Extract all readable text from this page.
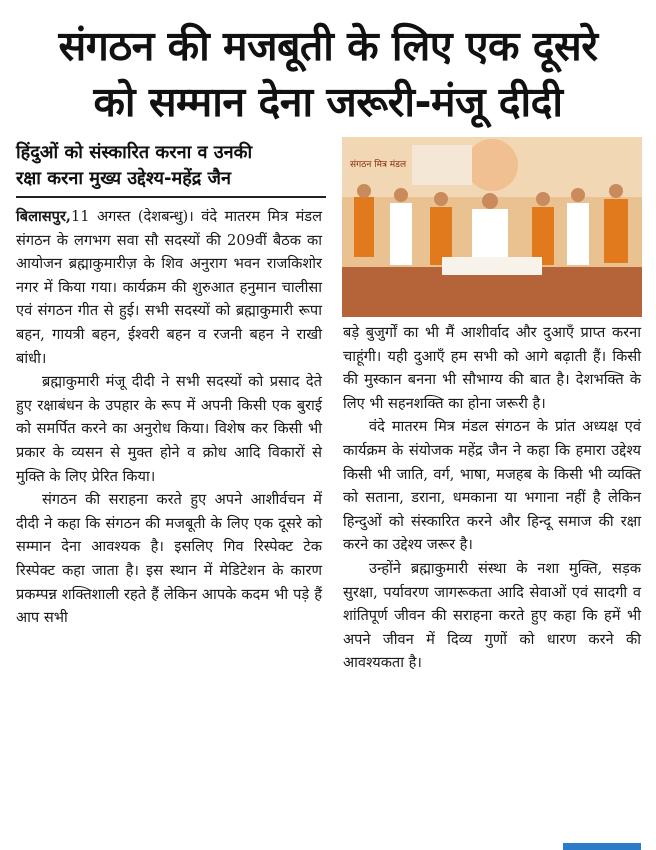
संगठन की मजबूती के लिए एक दूसरे
को सम्मान देना जरूरी-मंजू दीदी
हिंदुओं को संस्कारित करना व उनकी
रक्षा करना मुख्य उद्देश्य-महेंद्र जैन

बिलासपुर,11 अगस्त (देशबन्धु)। वंदे मातरम मित्र मंडल संगठन के लगभग सवा सौ सदस्यों की 209वीं बैठक का आयोजन ब्रह्माकुमारीज़ के शिव अनुराग भवन राजकिशोर नगर में किया गया। कार्यक्रम की शुरुआत हनुमान चालीसा एवं संगठन गीत से हुई। सभी सदस्यों को ब्रह्माकुमारी रूपा बहन, गायत्री बहन, ईश्वरी बहन व रजनी बहन ने राखी बांधी।

ब्रह्माकुमारी मंजू दीदी ने सभी सदस्यों को प्रसाद देते हुए रक्षाबंधन के उपहार के रूप में अपनी किसी एक बुराई को समर्पित करने का अनुरोध किया। विशेष कर किसी भी प्रकार के व्यसन से मुक्त होने व क्रोध आदि विकारों से मुक्ति के लिए प्रेरित किया।

संगठन की सराहना करते हुए अपने आशीर्वचन में दीदी ने कहा कि संगठन की मजबूती के लिए एक दूसरे को सम्मान देना आवश्यक है। इसलिए गिव रिस्पेक्ट टेक रिस्पेक्ट कहा जाता है। इस स्थान में मेडिटेशन के कारण प्रकम्पन्न शक्तिशाली रहते हैं लेकिन आपके कदम भी पड़े हैं आप सभी

संगठन मित्र मंडल

बड़े बुजुर्गों का भी मैं आशीर्वाद और दुआएँ प्राप्त करना चाहूंगी। यही दुआएँ हम सभी को आगे बढ़ाती हैं। किसी की मुस्कान बनना भी सौभाग्य की बात है। देशभक्ति के लिए भी सहनशक्ति का होना जरूरी है।

वंदे मातरम मित्र मंडल संगठन के प्रांत अध्यक्ष एवं कार्यक्रम के संयोजक महेंद्र जैन ने कहा कि हमारा उद्देश्य किसी भी जाति, वर्ग, भाषा, मजहब के किसी भी व्यक्ति को सताना, डराना, धमकाना या भगाना नहीं है लेकिन हिन्दुओं को संस्कारित करने और हिन्दू समाज की रक्षा करने का उद्देश्य जरूर है।

उन्होंने ब्रह्माकुमारी संस्था के नशा मुक्ति, सड़क सुरक्षा, पर्यावरण जागरूकता आदि सेवाओं एवं सादगी व शांतिपूर्ण जीवन की सराहना करते हुए कहा कि हमें भी अपने जीवन में दिव्य गुणों को धारण करने की आवश्यकता है।
